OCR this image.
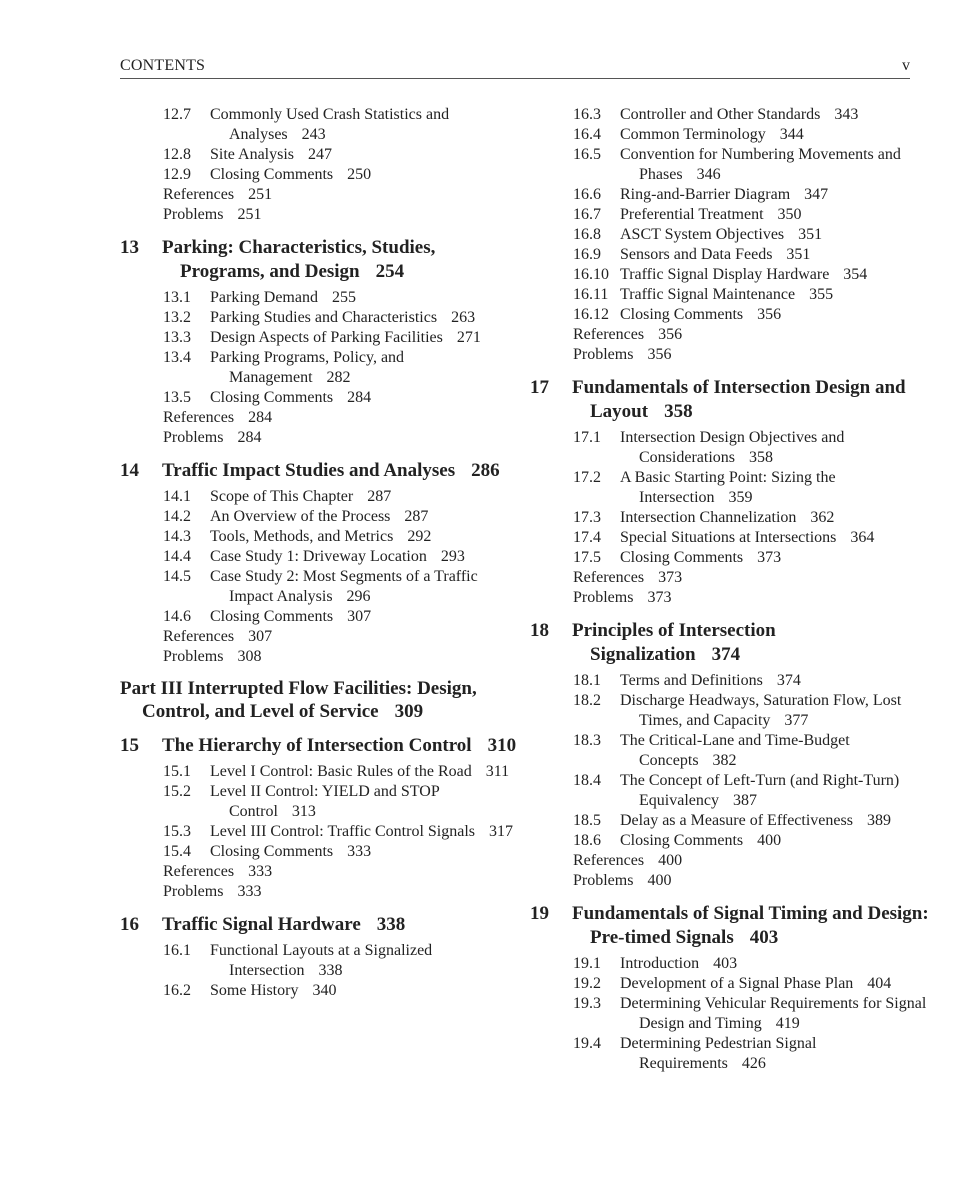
CONTENTS	v
12.7 Commonly Used Crash Statistics and Analyses 243
12.8 Site Analysis 247
12.9 Closing Comments 250
References 251
Problems 251
13 Parking: Characteristics, Studies, Programs, and Design 254
13.1 Parking Demand 255
13.2 Parking Studies and Characteristics 263
13.3 Design Aspects of Parking Facilities 271
13.4 Parking Programs, Policy, and Management 282
13.5 Closing Comments 284
References 284
Problems 284
14 Traffic Impact Studies and Analyses 286
14.1 Scope of This Chapter 287
14.2 An Overview of the Process 287
14.3 Tools, Methods, and Metrics 292
14.4 Case Study 1: Driveway Location 293
14.5 Case Study 2: Most Segments of a Traffic Impact Analysis 296
14.6 Closing Comments 307
References 307
Problems 308
Part III Interrupted Flow Facilities: Design, Control, and Level of Service 309
15 The Hierarchy of Intersection Control 310
15.1 Level I Control: Basic Rules of the Road 311
15.2 Level II Control: YIELD and STOP Control 313
15.3 Level III Control: Traffic Control Signals 317
15.4 Closing Comments 333
References 333
Problems 333
16 Traffic Signal Hardware 338
16.1 Functional Layouts at a Signalized Intersection 338
16.2 Some History 340
16.3 Controller and Other Standards 343
16.4 Common Terminology 344
16.5 Convention for Numbering Movements and Phases 346
16.6 Ring-and-Barrier Diagram 347
16.7 Preferential Treatment 350
16.8 ASCT System Objectives 351
16.9 Sensors and Data Feeds 351
16.10 Traffic Signal Display Hardware 354
16.11 Traffic Signal Maintenance 355
16.12 Closing Comments 356
References 356
Problems 356
17 Fundamentals of Intersection Design and Layout 358
17.1 Intersection Design Objectives and Considerations 358
17.2 A Basic Starting Point: Sizing the Intersection 359
17.3 Intersection Channelization 362
17.4 Special Situations at Intersections 364
17.5 Closing Comments 373
References 373
Problems 373
18 Principles of Intersection Signalization 374
18.1 Terms and Definitions 374
18.2 Discharge Headways, Saturation Flow, Lost Times, and Capacity 377
18.3 The Critical-Lane and Time-Budget Concepts 382
18.4 The Concept of Left-Turn (and Right-Turn) Equivalency 387
18.5 Delay as a Measure of Effectiveness 389
18.6 Closing Comments 400
References 400
Problems 400
19 Fundamentals of Signal Timing and Design: Pre-timed Signals 403
19.1 Introduction 403
19.2 Development of a Signal Phase Plan 404
19.3 Determining Vehicular Requirements for Signal Design and Timing 419
19.4 Determining Pedestrian Signal Requirements 426
